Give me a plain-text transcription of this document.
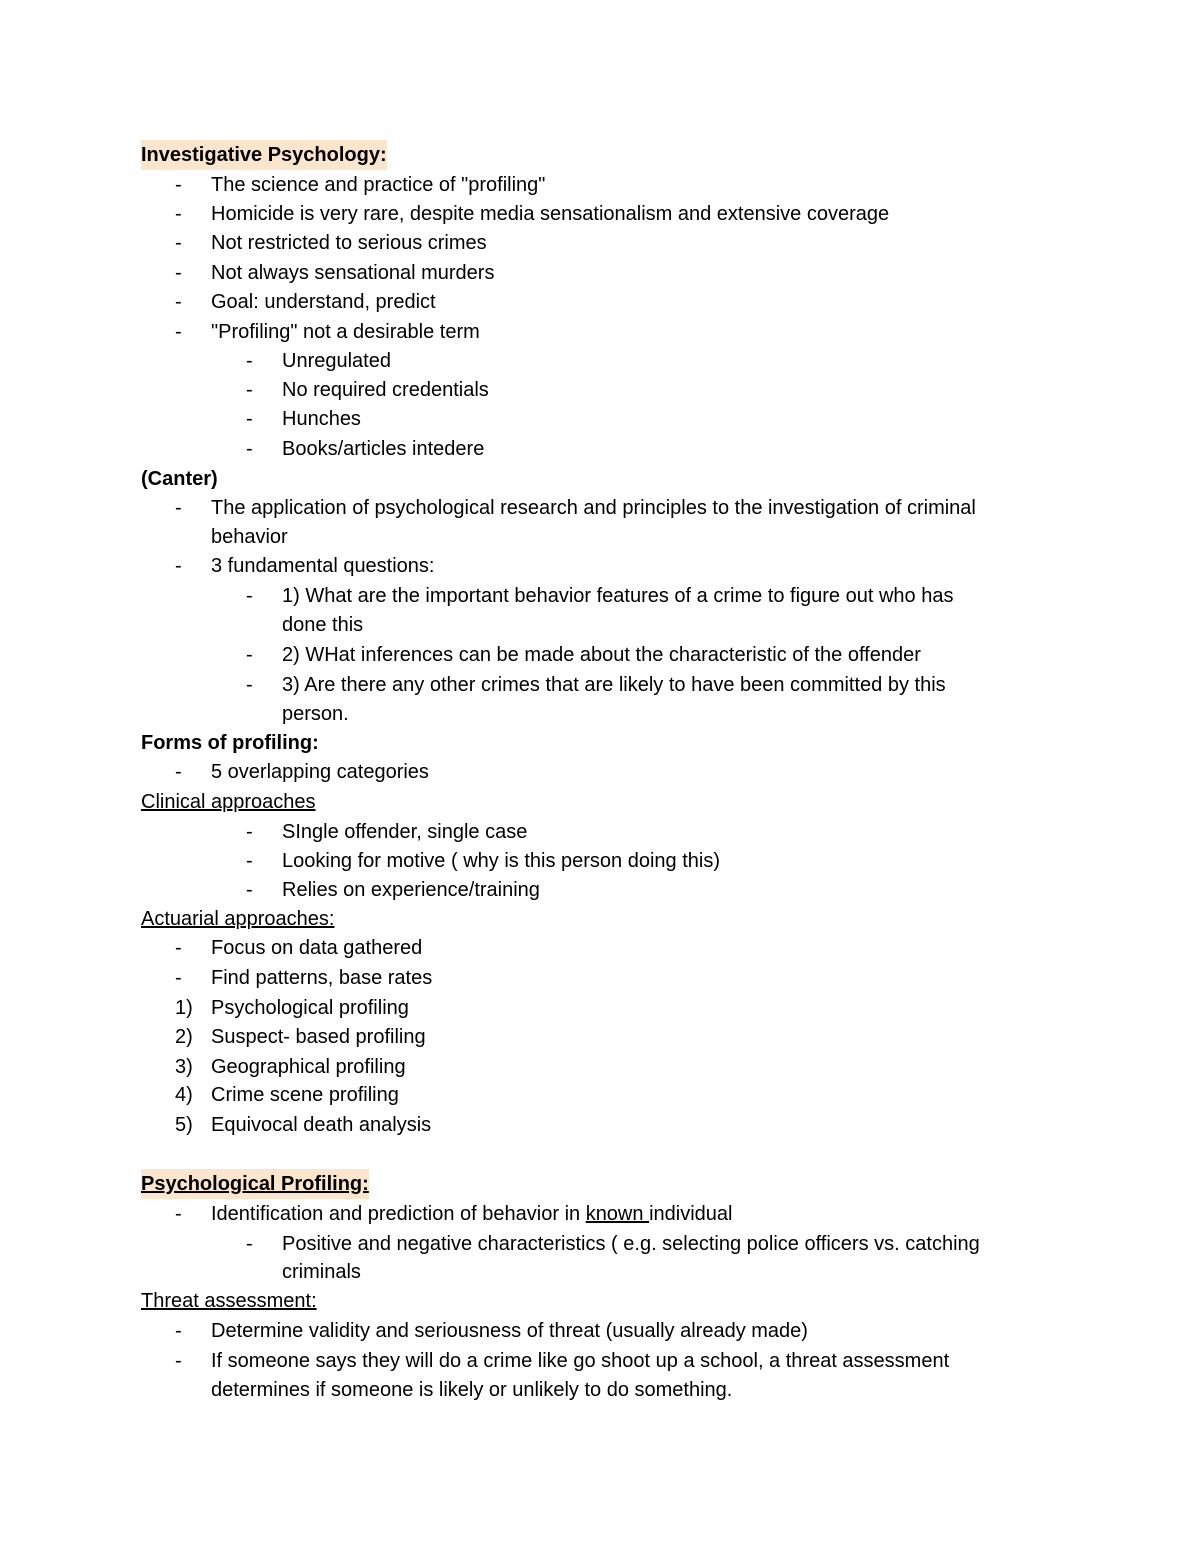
Investigative Psychology:
-	The science and practice of "profiling"
-	Homicide is very rare, despite media sensationalism and extensive coverage
-	Not restricted to serious crimes
-	Not always sensational murders
-	Goal: understand, predict
-	"Profiling" not a desirable term
-	Unregulated
-	No required credentials
-	Hunches
-	Books/articles intedere
(Canter)
-	The application of psychological research and principles to the investigation of criminal
behavior
-	3 fundamental questions:
-	1) What are the important behavior features of a crime to figure out who has
done this
-	2) WHat inferences can be made about the characteristic of the offender
-	3) Are there any other crimes that are likely to have been committed by this
person.
Forms of profiling:
-	5 overlapping categories
Clinical approaches
-	SIngle offender, single case
-	Looking for motive ( why is this person doing this)
-	Relies on experience/training
Actuarial approaches:
-	Focus on data gathered
-	Find patterns, base rates
1) Psychological profiling
2) Suspect- based profiling
3) Geographical profiling
4) Crime scene profiling
5) Equivocal death analysis
Psychological Profiling:
-	Identification and prediction of behavior in known individual
-	Positive and negative characteristics ( e.g. selecting police officers vs. catching
criminals
Threat assessment:
-	Determine validity and seriousness of threat (usually already made)
-	If someone says they will do a crime like go shoot up a school, a threat assessment
determines if someone is likely or unlikely to do something.
